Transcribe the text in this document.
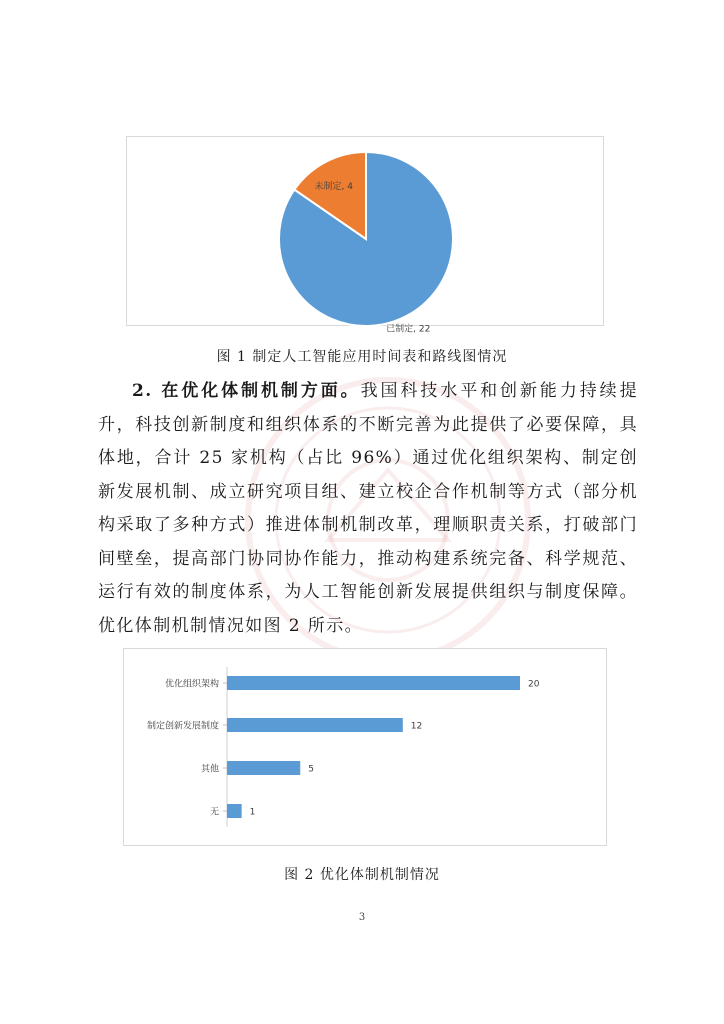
已制定, 22
未制定, 4
图 1 制定人工智能应用时间表和路线图情况

2. 在优化体制机制方面。我国科技水平和创新能力持续提升，科技创新制度和组织体系的不断完善为此提供了必要保障，具体地，合计 25 家机构（占比 96%）通过优化组织架构、制定创新发展机制、成立研究项目组、建立校企合作机制等方式（部分机构采取了多种方式）推进体制机制改革，理顺职责关系，打破部门间壁垒，提高部门协同协作能力，推动构建系统完备、科学规范、运行有效的制度体系，为人工智能创新发展提供组织与制度保障。优化体制机制情况如图 2 所示。

优化组织架构	20
制定创新发展制度	12
其他	5
无	1
图 2 优化体制机制情况
3
